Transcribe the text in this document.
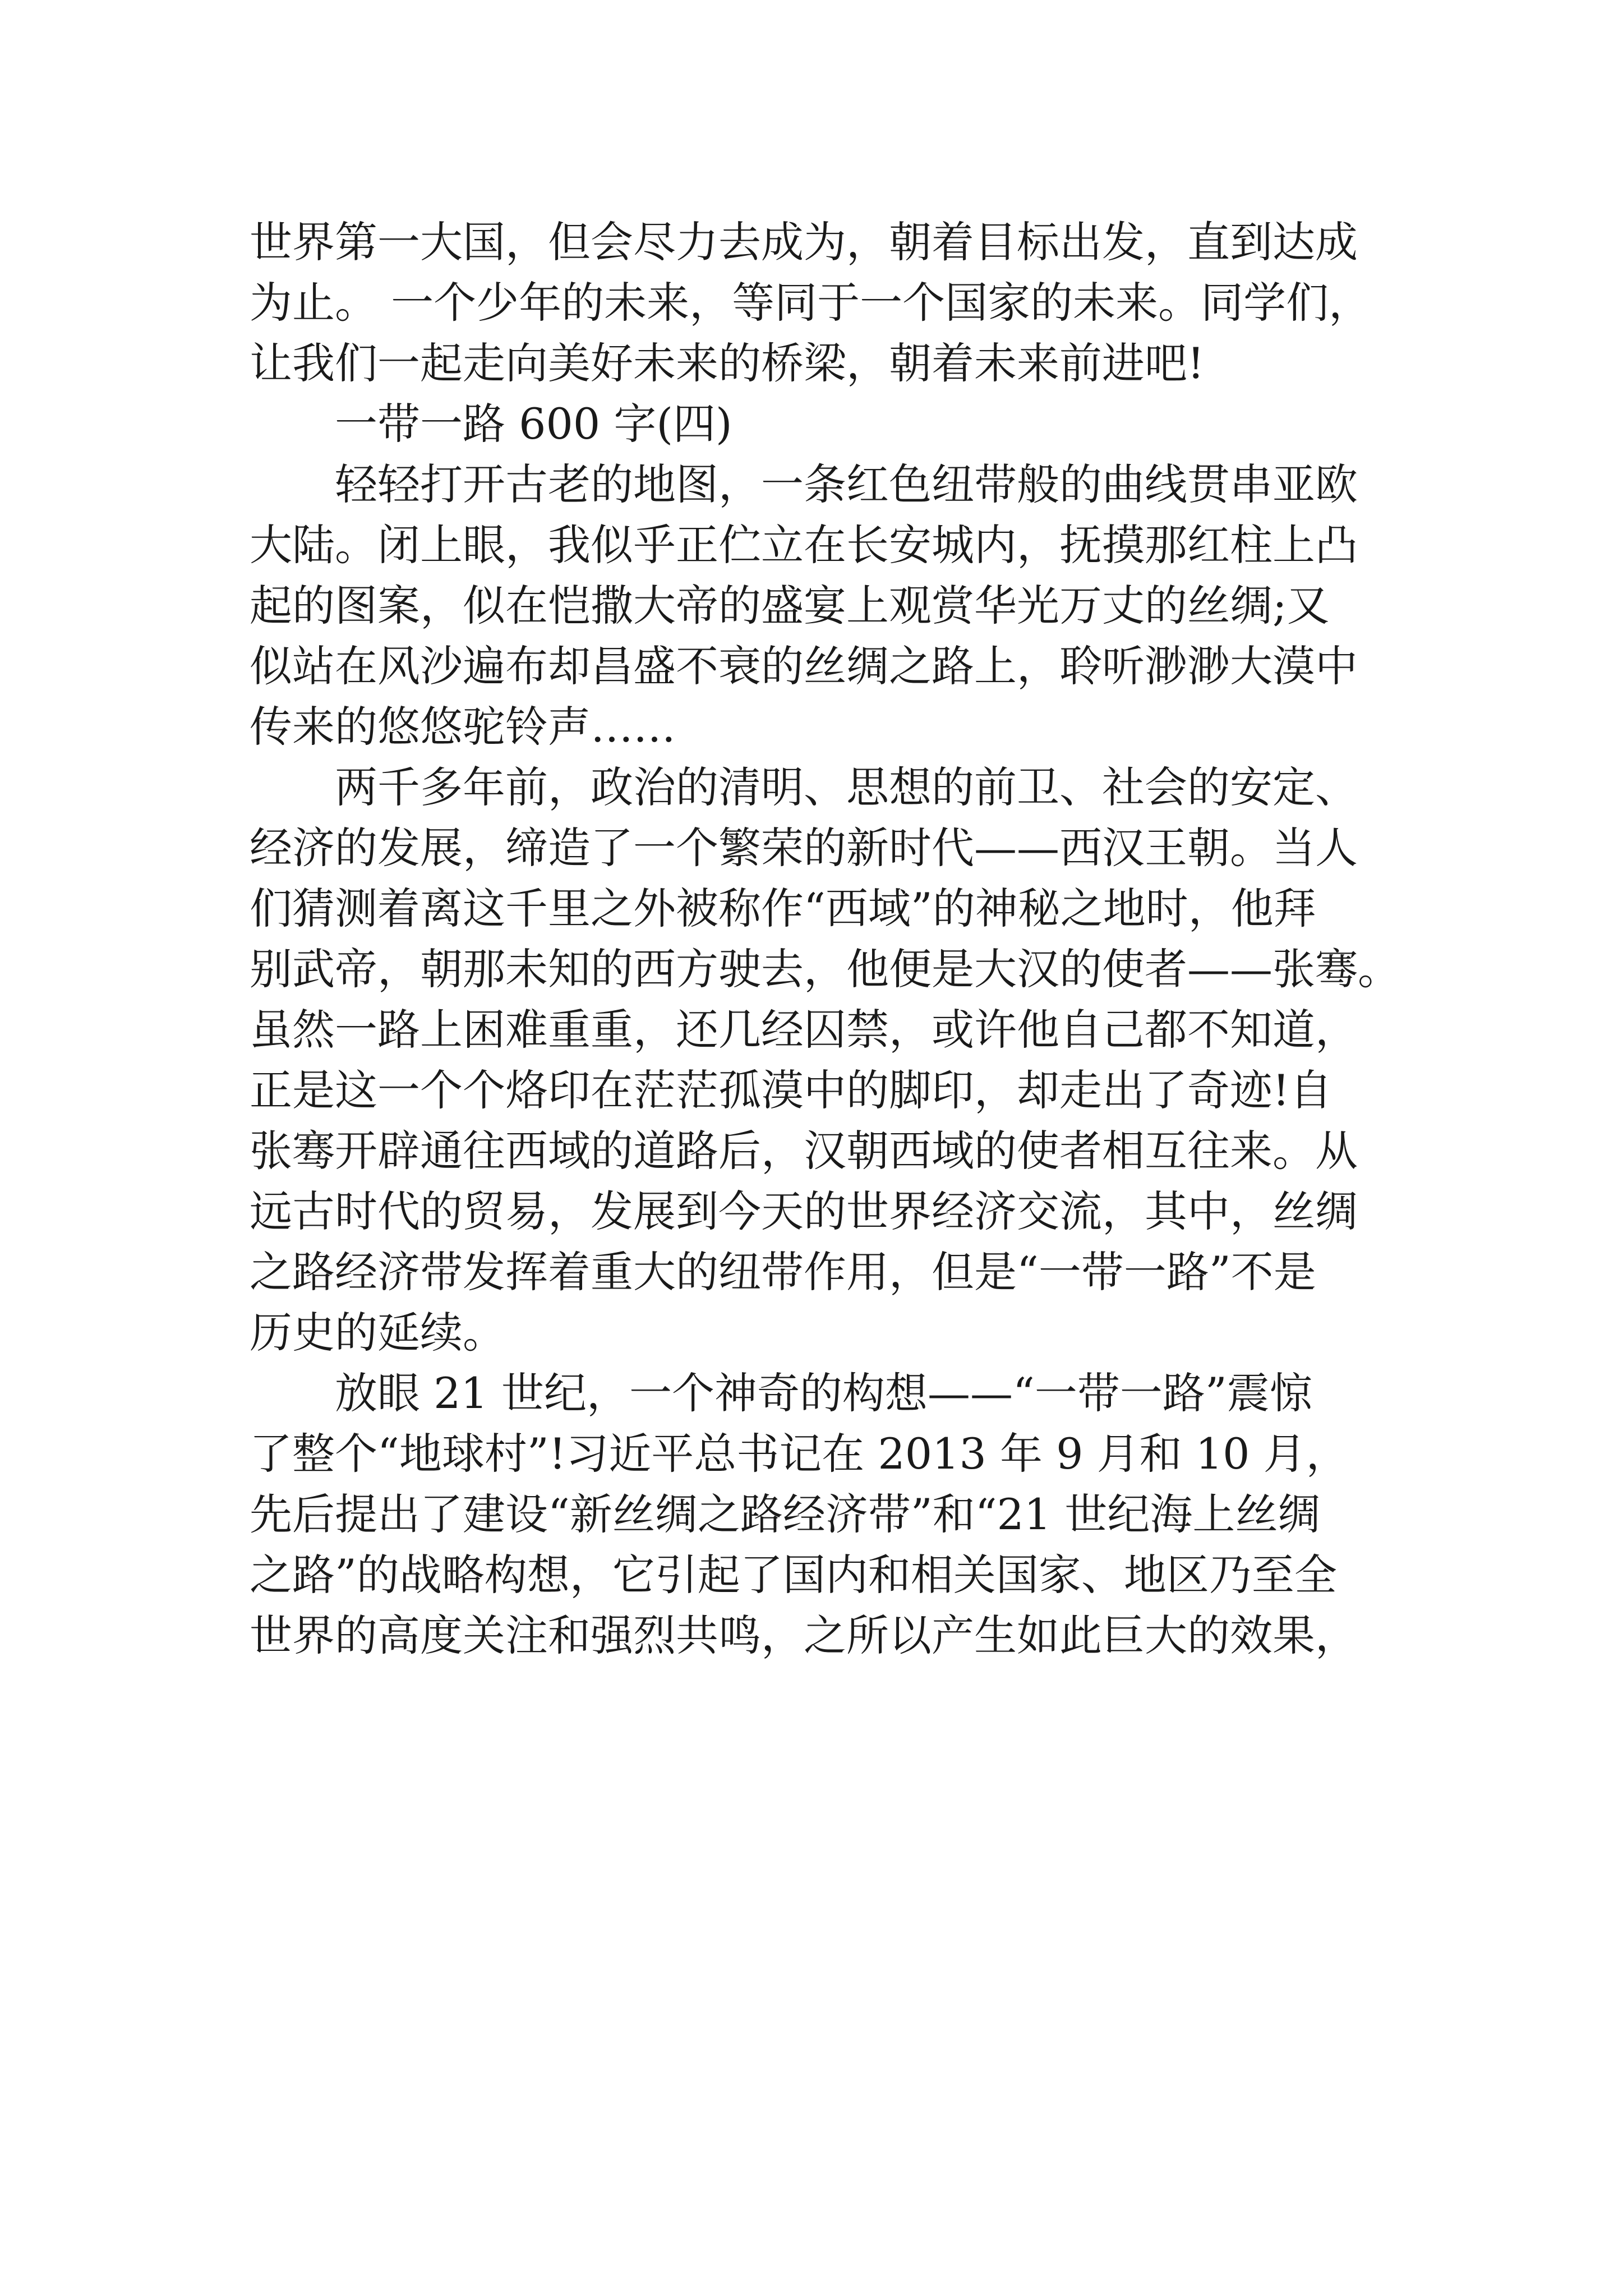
世界第一大国，但会尽力去成为，朝着目标出发，直到达成
为止。 一个少年的未来，等同于一个国家的未来。同学们，
让我们一起走向美好未来的桥梁，朝着未来前进吧!
一带一路 600 字(四)
轻轻打开古老的地图，一条红色纽带般的曲线贯串亚欧
大陆。闭上眼，我似乎正伫立在长安城内，抚摸那红柱上凸
起的图案，似在恺撒大帝的盛宴上观赏华光万丈的丝绸;又
似站在风沙遍布却昌盛不衰的丝绸之路上，聆听渺渺大漠中
传来的悠悠驼铃声……
两千多年前，政治的清明、思想的前卫、社会的安定、
经济的发展，缔造了一个繁荣的新时代——西汉王朝。当人
们猜测着离这千里之外被称作“西域”的神秘之地时，他拜
别武帝，朝那未知的西方驶去，他便是大汉的使者——张骞。
虽然一路上困难重重，还几经囚禁，或许他自己都不知道，
正是这一个个烙印在茫茫孤漠中的脚印，却走出了奇迹!自
张骞开辟通往西域的道路后，汉朝西域的使者相互往来。从
远古时代的贸易，发展到今天的世界经济交流，其中，丝绸
之路经济带发挥着重大的纽带作用，但是“一带一路”不是
历史的延续。
放眼 21 世纪，一个神奇的构想——“一带一路”震惊
了整个“地球村”!习近平总书记在 2013 年 9 月和 10 月，
先后提出了建设“新丝绸之路经济带”和“21 世纪海上丝绸
之路”的战略构想，它引起了国内和相关国家、地区乃至全
世界的高度关注和强烈共鸣，之所以产生如此巨大的效果，
